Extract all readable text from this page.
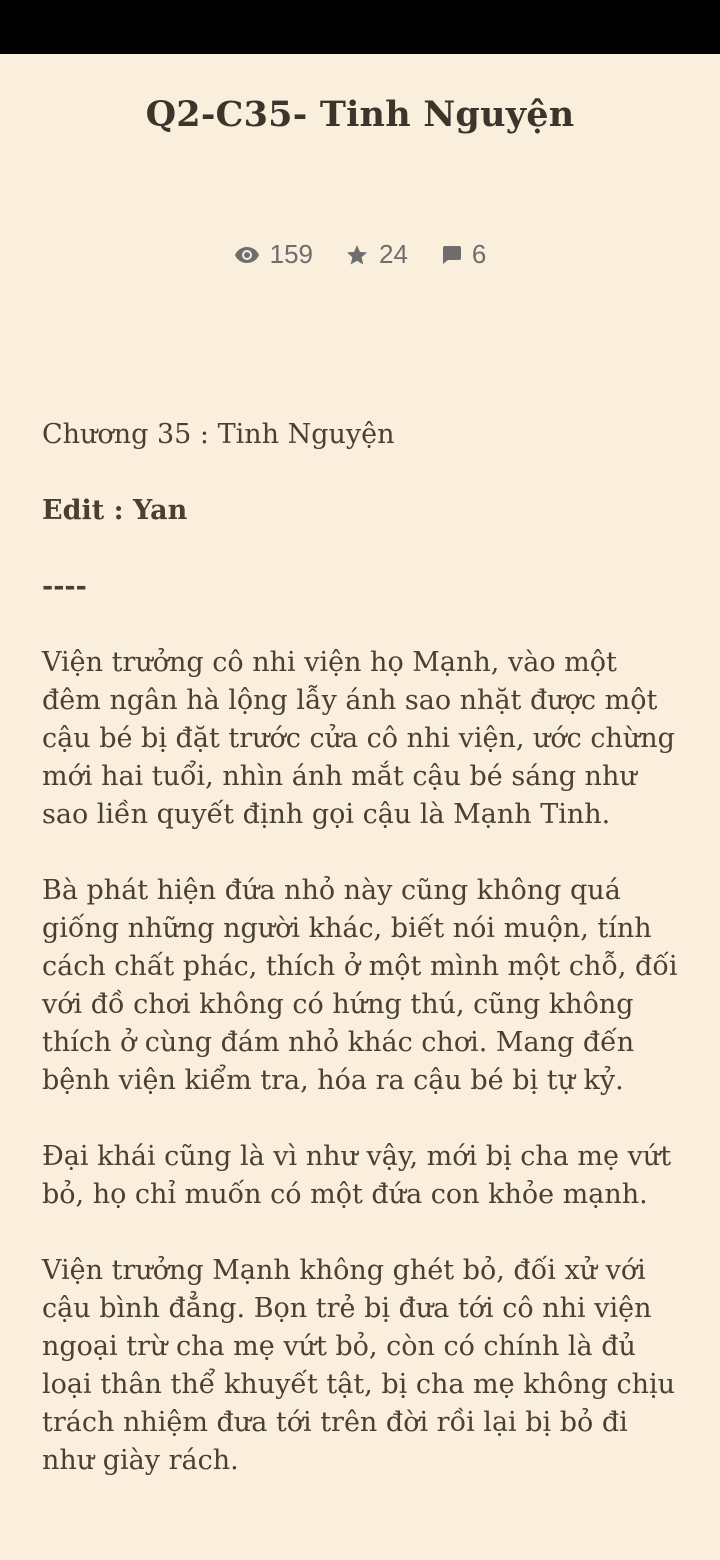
Q2-C35- Tinh Nguyện
159	24 6

Chương 35 : Tinh Nguyện

Edit : Yan

----

Viện trưởng cô nhi viện họ Mạnh, vào một đêm ngân hà lộng lẫy ánh sao nhặt được một cậu bé bị đặt trước cửa cô nhi viện, ước chừng mới hai tuổi, nhìn ánh mắt cậu bé sáng như sao liền quyết định gọi cậu là Mạnh Tinh.

Bà phát hiện đứa nhỏ này cũng không quá giống những người khác, biết nói muộn, tính cách chất phác, thích ở một mình một chỗ, đối với đồ chơi không có hứng thú, cũng không thích ở cùng đám nhỏ khác chơi. Mang đến bệnh viện kiểm tra, hóa ra cậu bé bị tự kỷ.

Đại khái cũng là vì như vậy, mới bị cha mẹ vứt bỏ, họ chỉ muốn có một đứa con khỏe mạnh.

Viện trưởng Mạnh không ghét bỏ, đối xử với cậu bình đẳng. Bọn trẻ bị đưa tới cô nhi viện ngoại trừ cha mẹ vứt bỏ, còn có chính là đủ loại thân thể khuyết tật, bị cha mẹ không chịu trách nhiệm đưa tới trên đời rồi lại bị bỏ đi như giày rách.
